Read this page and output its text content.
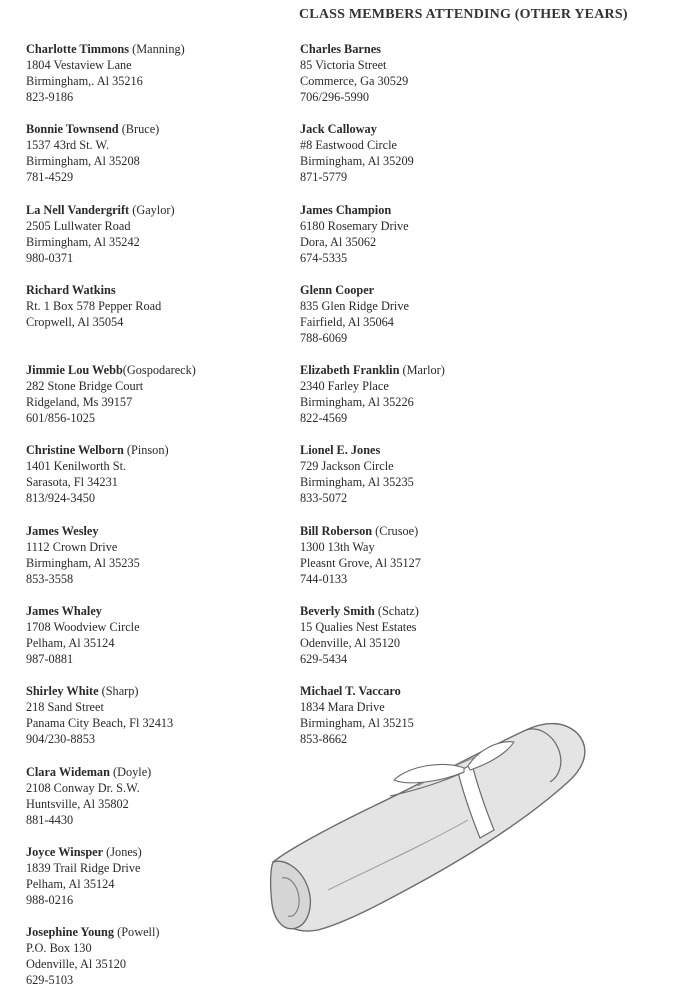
CLASS MEMBERS ATTENDING (OTHER YEARS)
Charlotte Timmons (Manning)
1804 Vestaview Lane
Birmingham,. Al 35216
823-9186
Bonnie Townsend (Bruce)
1537 43rd St. W.
Birmingham, Al 35208
781-4529
La Nell Vandergrift (Gaylor)
2505 Lullwater Road
Birmingham, Al 35242
980-0371
Richard Watkins
Rt. 1 Box 578 Pepper Road
Cropwell, Al 35054
Jimmie Lou Webb(Gospodareck)
282 Stone Bridge Court
Ridgeland, Ms 39157
601/856-1025
Christine Welborn (Pinson)
1401 Kenilworth St.
Sarasota, Fl 34231
813/924-3450
James Wesley
1112 Crown Drive
Birmingham, Al 35235
853-3558
James Whaley
1708 Woodview Circle
Pelham, Al 35124
987-0881
Shirley White (Sharp)
218 Sand Street
Panama City Beach, Fl 32413
904/230-8853
Clara Wideman (Doyle)
2108 Conway Dr. S.W.
Huntsville, Al 35802
881-4430
Joyce Winsper (Jones)
1839 Trail Ridge Drive
Pelham, Al 35124
988-0216
Josephine Young (Powell)
P.O. Box 130
Odenville, Al 35120
629-5103
Charles Barnes
85 Victoria Street
Commerce, Ga 30529
706/296-5990
Jack Calloway
#8 Eastwood Circle
Birmingham, Al 35209
871-5779
James Champion
6180 Rosemary Drive
Dora, Al 35062
674-5335
Glenn Cooper
835 Glen Ridge Drive
Fairfield, Al 35064
788-6069
Elizabeth Franklin (Marlor)
2340 Farley Place
Birmingham, Al 35226
822-4569
Lionel E. Jones
729 Jackson Circle
Birmingham, Al 35235
833-5072
Bill Roberson (Crusoe)
1300 13th Way
Pleasnt Grove, Al 35127
744-0133
Beverly Smith (Schatz)
15 Qualies Nest Estates
Odenville, Al 35120
629-5434
Michael T. Vaccaro
1834 Mara Drive
Birmingham, Al 35215
853-8662
